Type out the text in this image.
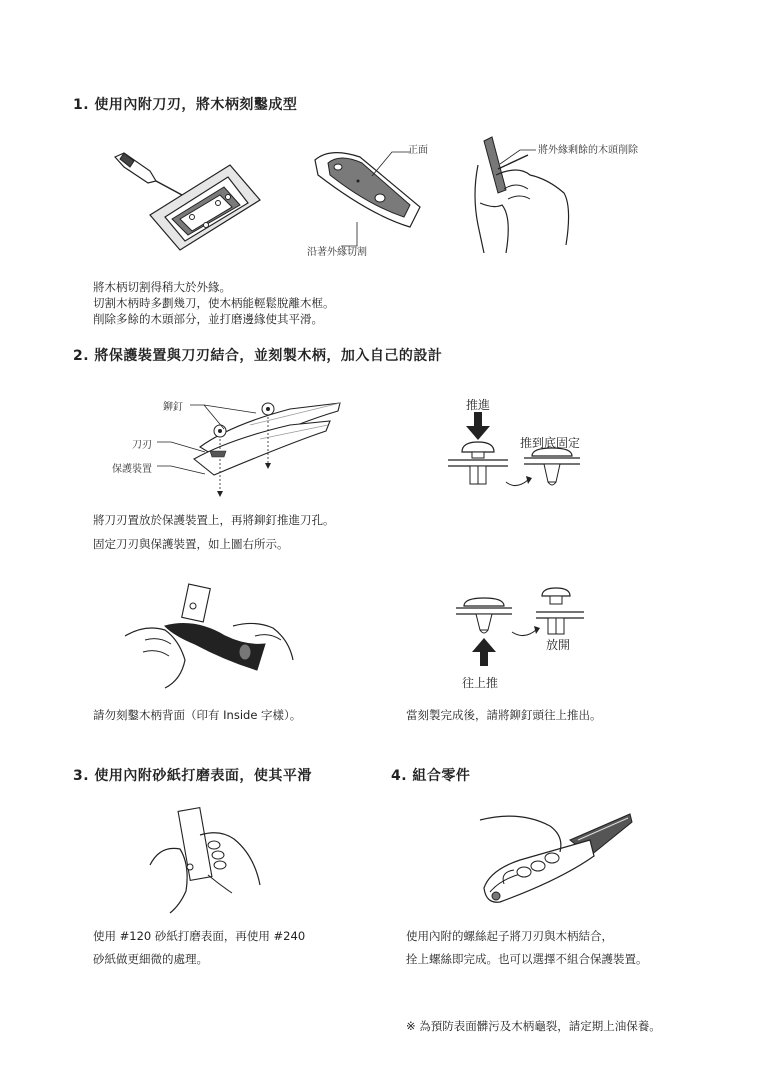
1. 使用內附刀刃，將木柄刻鑿成型
正面
沿著外緣切割
將外緣剩餘的木頭削除
將木柄切割得稍大於外緣。
切割木柄時多劃幾刀，使木柄能輕鬆脫離木框。
削除多餘的木頭部分，並打磨邊緣使其平滑。
2. 將保護裝置與刀刃結合，並刻製木柄，加入自己的設計
鉚釘
刀刃
保護裝置
推進
推到底固定
將刀刃置放於保護裝置上，再將鉚釘推進刀孔。
固定刀刃與保護裝置，如上圖右所示。
放開
往上推
請勿刻鑿木柄背面（印有 Inside 字樣）。	當刻製完成後，請將鉚釘頭往上推出。
3. 使用內附砂紙打磨表面，使其平滑
使用 #120 砂紙打磨表面，再使用 #240
砂紙做更細微的處理。
4. 組合零件
使用內附的螺絲起子將刀刃與木柄結合，
拴上螺絲即完成。也可以選擇不組合保護裝置。
※ 為預防表面髒污及木柄龜裂，請定期上油保養。
